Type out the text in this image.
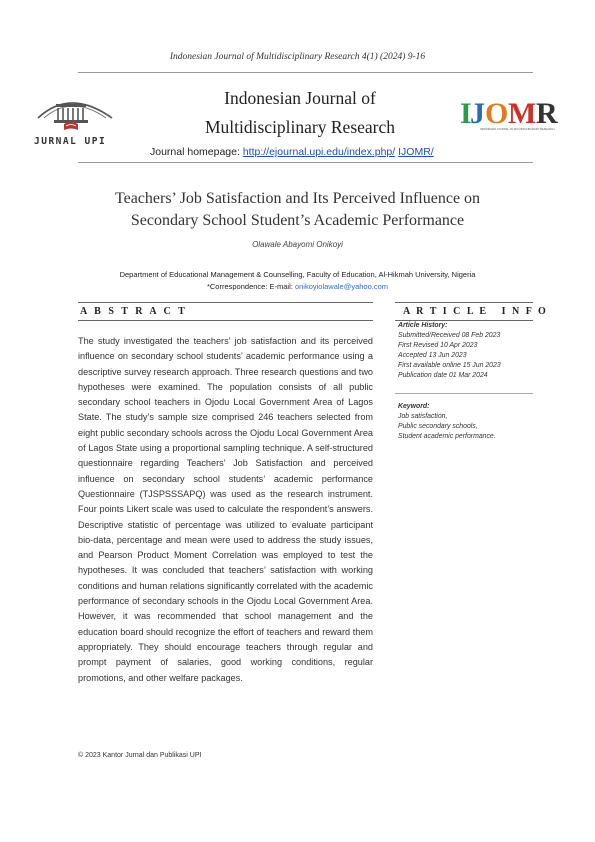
Indonesian Journal of Multidisciplinary Research 4(1) (2024) 9-16
JURNAL UPI
Indonesian Journal of
Multidisciplinary Research	I
J O M R
INDONESIAN JOURNAL OF MULTIDISCIPLINARY RESEARCH
Journal homepage: http://ejournal.upi.edu/index.php/ IJOMR/
Teachers’ Job Satisfaction and Its Perceived Influence on
Secondary School Student’s Academic Performance
Olawale Abayomi Onikoyi
Department of Educational Management & Counselling, Faculty of Education, Al-Hikmah University, Nigeria
*Correspondence: E-mail: onikoyiolawale@yahoo.com
A B S T R A C T
The study investigated the teachers’ job satisfaction and its perceived influence on secondary school students’ academic performance using a descriptive survey research approach. Three research questions and two hypotheses were examined. The population consists of all public secondary school teachers in Ojodu Local Government Area of Lagos State. The study’s sample size comprised 246 teachers selected from eight public secondary schools across the Ojodu Local Government Area of Lagos State using a proportional sampling technique. A self-structured questionnaire regarding Teachers’ Job Satisfaction and perceived influence on secondary school students’ academic performance Questionnaire (TJSPSSSAPQ) was used as the research instrument. Four points Likert scale was used to calculate the respondent’s answers. Descriptive statistic of percentage was utilized to evaluate participant bio-data, percentage and mean were used to address the study issues, and Pearson Product Moment Correlation was employed to test the hypotheses. It was concluded that teachers’ satisfaction with working conditions and human relations significantly correlated with the academic performance of secondary schools in the Ojodu Local Government Area. However, it was recommended that school management and the education board should recognize the effort of teachers and reward them appropriately. They should encourage teachers through regular and prompt payment of salaries, good working conditions, regular promotions, and other welfare packages.
A R T I C L E   I N F O
Article History:
Submitted/Received 08 Feb 2023
First Revised 10 Apr 2023
Accepted 13 Jun 2023
First available online 15 Jun 2023
Publication date 01 Mar 2024
Keyword:
Job satisfaction,
Public secondary schools,
Student academic performance.
© 2023 Kantor Jurnal dan Publikasi UPI
